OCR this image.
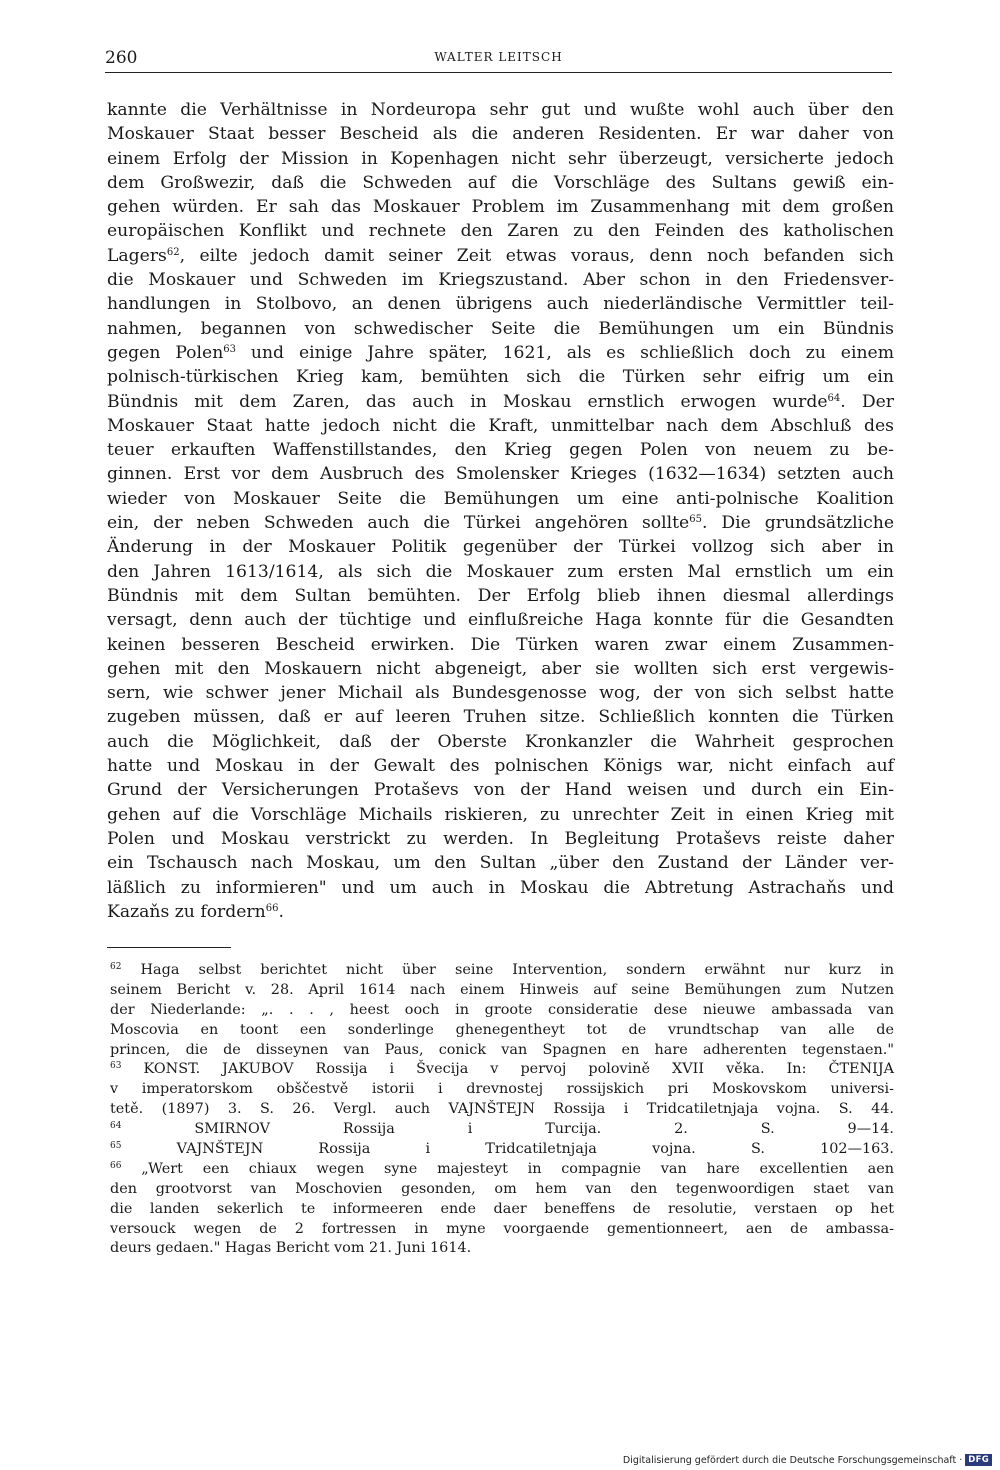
260	WALTER LEITSCH
kannte die Verhältnisse in Nordeuropa sehr gut und wußte wohl auch über den
Moskauer Staat besser Bescheid als die anderen Residenten. Er war daher von
einem Erfolg der Mission in Kopenhagen nicht sehr überzeugt, versicherte jedoch
dem Großwezir, daß die Schweden auf die Vorschläge des Sultans gewiß ein-
gehen würden. Er sah das Moskauer Problem im Zusammenhang mit dem großen
europäischen Konflikt und rechnete den Zaren zu den Feinden des katholischen
Lagers$^{62}$, eilte jedoch damit seiner Zeit etwas voraus, denn noch befanden sich
die Moskauer und Schweden im Kriegszustand. Aber schon in den Friedensver-
handlungen in Stolbovo, an denen übrigens auch niederländische Vermittler teil-
nahmen, begannen von schwedischer Seite die Bemühungen um ein Bündnis
gegen Polen$^{63}$ und einige Jahre später, 1621, als es schließlich doch zu einem
polnisch-türkischen Krieg kam, bemühten sich die Türken sehr eifrig um ein
Bündnis mit dem Zaren, das auch in Moskau ernstlich erwogen wurde$^{64}$. Der
Moskauer Staat hatte jedoch nicht die Kraft, unmittelbar nach dem Abschluß des
teuer erkauften Waffenstillstandes, den Krieg gegen Polen von neuem zu be-
ginnen. Erst vor dem Ausbruch des Smolensker Krieges (1632—1634) setzten auch
wieder von Moskauer Seite die Bemühungen um eine anti-polnische Koalition
ein, der neben Schweden auch die Türkei angehören sollte$^{65}$. Die grundsätzliche
Änderung in der Moskauer Politik gegenüber der Türkei vollzog sich aber in
den Jahren 1613/1614, als sich die Moskauer zum ersten Mal ernstlich um ein
Bündnis mit dem Sultan bemühten. Der Erfolg blieb ihnen diesmal allerdings
versagt, denn auch der tüchtige und einflußreiche Haga konnte für die Gesandten
keinen besseren Bescheid erwirken. Die Türken waren zwar einem Zusammen-
gehen mit den Moskauern nicht abgeneigt, aber sie wollten sich erst vergewis-
sern, wie schwer jener Michail als Bundesgenosse wog, der von sich selbst hatte
zugeben müssen, daß er auf leeren Truhen sitze. Schließlich konnten die Türken
auch die Möglichkeit, daß der Oberste Kronkanzler die Wahrheit gesprochen
hatte und Moskau in der Gewalt des polnischen Königs war, nicht einfach auf
Grund der Versicherungen Protaševs von der Hand weisen und durch ein Ein-
gehen auf die Vorschläge Michails riskieren, zu unrechter Zeit in einen Krieg mit
Polen und Moskau verstrickt zu werden. In Begleitung Protaševs reiste daher
ein Tschausch nach Moskau, um den Sultan „über den Zustand der Länder ver-
läßlich zu informieren" und um auch in Moskau die Abtretung Astrachaňs und
Kazaňs zu fordern$^{66}$.
$^{62}$ Haga selbst berichtet nicht über seine Intervention, sondern erwähnt nur kurz in
seinem Bericht v. 28. April 1614 nach einem Hinweis auf seine Bemühungen zum Nutzen
der Niederlande: „. . . , heest ooch in groote consideratie dese nieuwe ambassada van
Moscovia en toont een sonderlinge ghenegentheyt tot de vrundtschap van alle de
princen, die de disseynen van Paus, conick van Spagnen en hare adherenten tegenstaen."
$^{63}$ KONST. JAKUBOV Rossija i Švecija v pervoj polovině XVII věka. In: ČTENIJA
v imperatorskom obščestvě istorii i drevnostej rossijskich pri Moskovskom universi-
tetě. (1897) 3. S. 26. Vergl. auch VAJNŠTEJN Rossija i Tridcatiletnjaja vojna. S. 44.
$^{64}$ SMIRNOV Rossija i Turcija. 2. S. 9—14.
$^{65}$ VAJNŠTEJN Rossija i Tridcatiletnjaja vojna. S. 102—163.
$^{66}$ „Wert een chiaux wegen syne majesteyt in compagnie van hare excellentien aen
den grootvorst van Moschovien gesonden, om hem van den tegenwoordigen staet van
die landen sekerlich te informeeren ende daer beneffens de resolutie, verstaen op het
versouck wegen de 2 fortressen in myne voorgaende gementionneert, aen de ambassa-
deurs gedaen." Hagas Bericht vom 21. Juni 1614.
Digitalisierung gefördert durch die Deutsche Forschungsgemeinschaft · DFG
